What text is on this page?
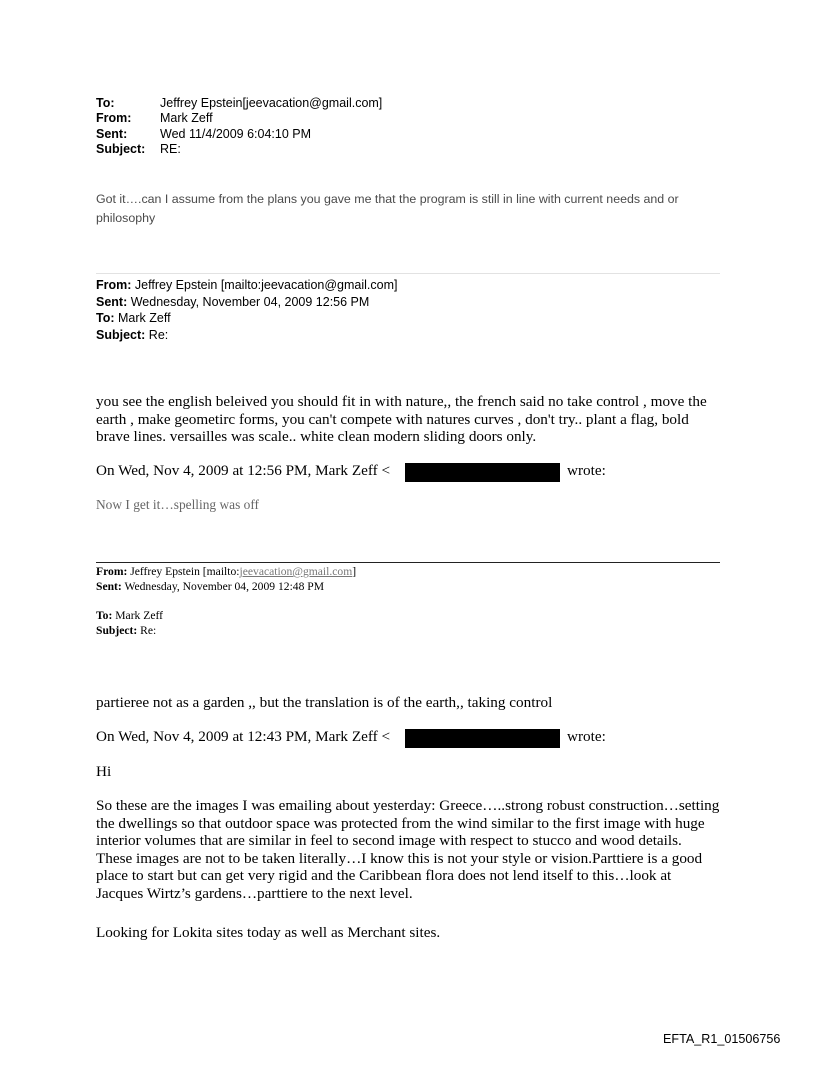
To:	Jeffrey Epstein[jeevacation@gmail.com]
From: Mark Zeff
Sent:	Wed 11/4/2009 6:04:10 PM
Subject: RE:
Got it….can I assume from the plans you gave me that the program is still in line with current needs and or philosophy
From: Jeffrey Epstein [mailto:jeevacation@gmail.com]
Sent: Wednesday, November 04, 2009 12:56 PM
To: Mark Zeff
Subject: Re:
you see the english beleived you should fit in with nature,, the french said no take control , move the earth , make geometirc forms, you can't compete with natures curves , don't try.. plant a flag, bold brave lines. versailles was scale.. white clean modern sliding doors only.
On Wed, Nov 4, 2009 at 12:56 PM, Mark Zeff <	wrote:
Now I get it…spelling was off
From: Jeffrey Epstein [mailto:jeevacation@gmail.com]
Sent: Wednesday, November 04, 2009 12:48 PM
To: Mark Zeff
Subject: Re:
partieree not as a garden ,, but the translation is of the earth,, taking control
On Wed, Nov 4, 2009 at 12:43 PM, Mark Zeff <	wrote:
Hi
So these are the images I was emailing about yesterday: Greece…..strong robust construction…setting the dwellings so that outdoor space was protected from the wind similar to the first image with huge interior volumes that are similar in feel to second image with respect to stucco and wood details. These images are not to be taken literally…I know this is not your style or vision.Parttiere is a good place to start but can get very rigid and the Caribbean flora does not lend itself to this…look at Jacques Wirtz’s gardens…parttiere to the next level.
Looking for Lokita sites today as well as Merchant sites.
EFTA_R1_01506756
